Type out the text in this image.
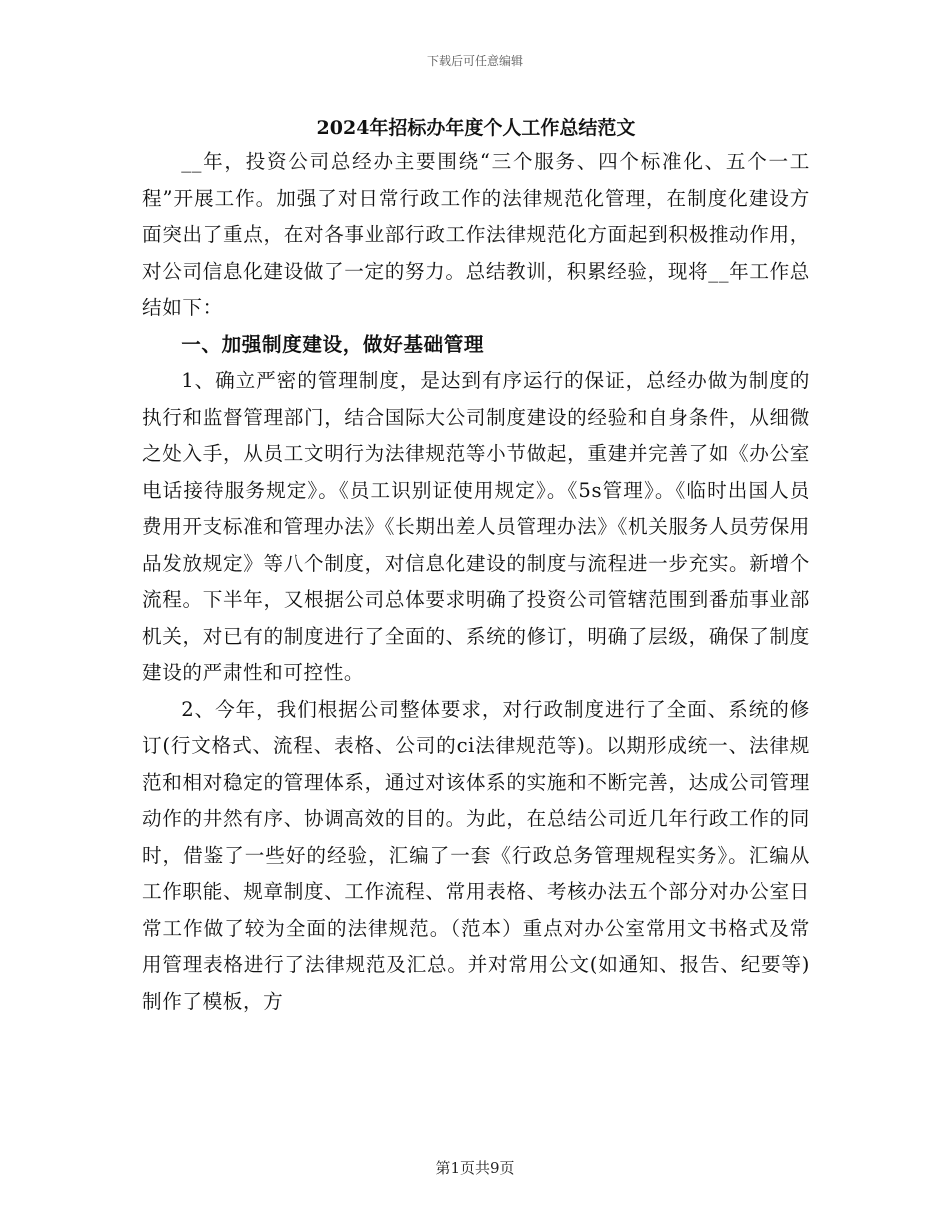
下载后可任意编辑
2024年招标办年度个人工作总结范文

__年，投资公司总经办主要围绕“三个服务、四个标准化、五个一工程”开展工作。加强了对日常行政工作的法律规范化管理，在制度化建设方面突出了重点，在对各事业部行政工作法律规范化方面起到积极推动作用，对公司信息化建设做了一定的努力。总结教训，积累经验，现将__年工作总结如下：

一、加强制度建设，做好基础管理

1、确立严密的管理制度，是达到有序运行的保证，总经办做为制度的执行和监督管理部门，结合国际大公司制度建设的经验和自身条件，从细微之处入手，从员工文明行为法律规范等小节做起，重建并完善了如《办公室电话接待服务规定》。《员工识别证使用规定》。《5s管理》。《临时出国人员费用开支标准和管理办法》《长期出差人员管理办法》《机关服务人员劳保用品发放规定》等八个制度，对信息化建设的制度与流程进一步充实。新增个流程。下半年，又根据公司总体要求明确了投资公司管辖范围到番茄事业部机关，对已有的制度进行了全面的、系统的修订，明确了层级，确保了制度建设的严肃性和可控性。

2、今年，我们根据公司整体要求，对行政制度进行了全面、系统的修订(行文格式、流程、表格、公司的ci法律规范等)。以期形成统一、法律规范和相对稳定的管理体系，通过对该体系的实施和不断完善，达成公司管理动作的井然有序、协调高效的目的。为此，在总结公司近几年行政工作的同时，借鉴了一些好的经验，汇编了一套《行政总务管理规程实务》。汇编从工作职能、规章制度、工作流程、常用表格、考核办法五个部分对办公室日常工作做了较为全面的法律规范。（范本）重点对办公室常用文书格式及常用管理表格进行了法律规范及汇总。并对常用公文(如通知、报告、纪要等)制作了模板，方

第1页共9页
